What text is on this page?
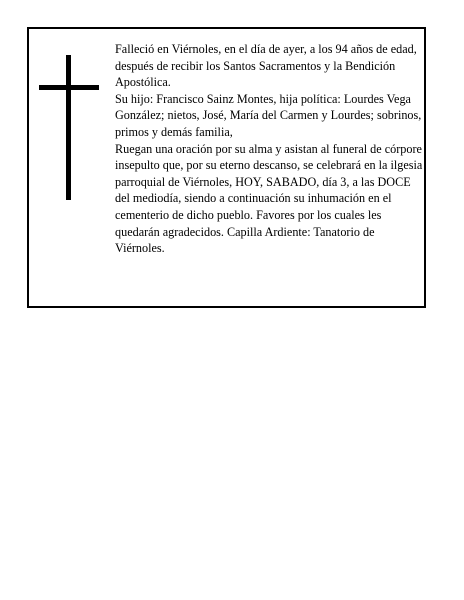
Falleció en Viérnoles, en el día de ayer, a los 94 años de edad, después de recibir los Santos Sacramentos y la Bendición Apostólica.

Su hijo: Francisco Sainz Montes, hija política: Lourdes Vega González; nietos, José, María del Carmen y Lourdes; sobrinos, primos y demás familia,

Ruegan una oración por su alma y asistan al funeral de córpore insepulto que, por su eterno descanso, se celebrará en la ilgesia parroquial de Viérnoles, HOY, SABADO, día 3, a las DOCE del mediodía, siendo a continuación su inhumación en el cementerio de dicho pueblo. Favores por los cuales les quedarán agradecidos. Capilla Ardiente: Tanatorio de Viérnoles.
